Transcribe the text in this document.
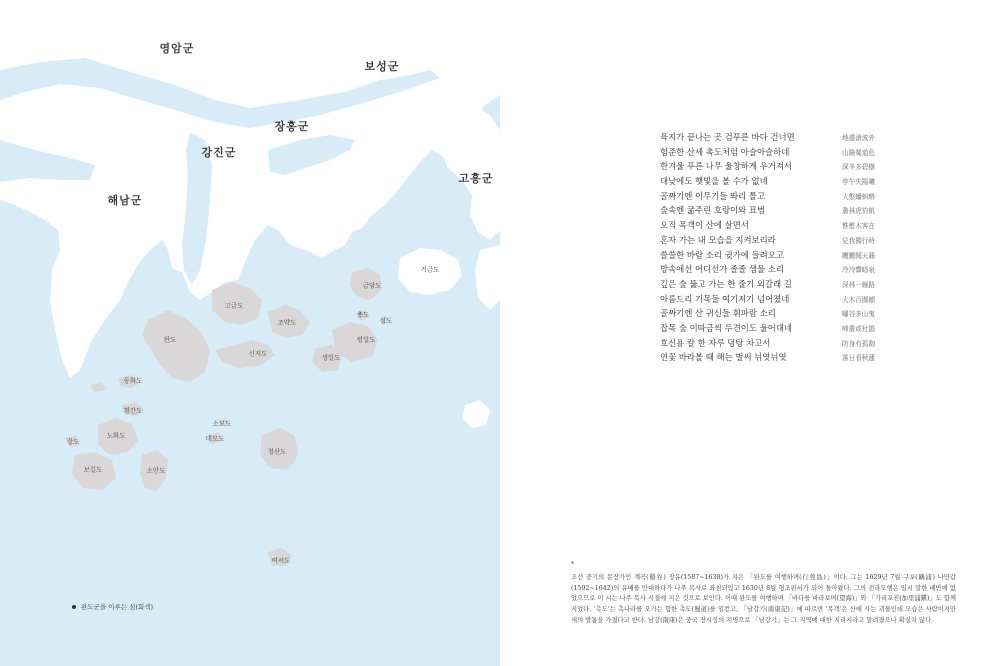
영암군
보성군
장흥군
강진군
고흥군
해남군
거금도
금당도
고금도
조약도
완도
신지도	생일도
평일도
동화도
횡간도
노화도
보길도	소안도
장도
청산도
여서도
소모도
대모도
충도
섬도
완도군을 이루는 섬(회색)
육지가 끝나는 곳 검푸른 바다 건너면	地盡滄波外
험준한 산세 촉도처럼 아슬아슬하네	山險蜀道危
한겨울 푸른 나무 울창하게 우거져서	深冬多碧樹
대낮에도 햇빛을 볼 수가 없네	亭午失陽曦
골짜기엔 이무기들 똬리 틀고	大壑蟠虯蟒
숲속엔 굶주린 호랑이와 표범	叢林虎豹飢
오직 목객이 산에 살면서	惟應木客在
혼자 가는 내 모습을 지켜보리라	見我獨行時
쓸쓸한 바람 소리 귓가에 들려오고	颼颼聞天籟
방속에선 어디선가 졸졸 샘물 소리	冷冷響暗泉
깊은 숲 뚫고 가는 한 줄기 외갈래 길	深林一線路
아름드리 기목들 여기저기 넘어졌네	大木百圍顚
골짜기엔 산 귀신들 휘파람 소리	嘯谷多山鬼
잡목 숲 이따금씩 두견이도 울어대네	啼叢或杜鵑
호신용 칼 한 자루 덩탕 차고서	防身有孤劍
연꽃 바라볼 때 해는 벌써 뉘엿뉘엿	落日看秋蓮
*
조선 중기의 문장가인 계곡(谿谷) 장유(1587~1638)가 지은 「완도를 여행하며(行莞島)」이다. 그는 1629년 7월 구포(鷗浦) 나만갑(1592~1642)의 유배를 만대하다가 나주 목사로 좌천되었고 1630년 8월 형조판서가 되어 돌아왔다. 그의 전라도행은 일시 말한 배반에 없었으므로 이 시는 나주 목사 시절에 지은 것으로 보인다. 이때 완도를 여행하며 「바다를 바라보며(望海)」와 「가리포진(加里浦鎭)」도 함께 지었다. ‘촉도’는 촉나라를 오가는 험한 촉도(蜀道)를 일컫고, 「남강기(南康記)」에 따르면 ‘목객’은 산에 사는 괴물인데 모습은 사람이지만 새의 발톱을 가졌다고 한다. 남강(南康)은 중국 장시성의 지명으로 「남강기」는 그 지역에 대한 지리지라고 알려졌으나 확실치 않다.
